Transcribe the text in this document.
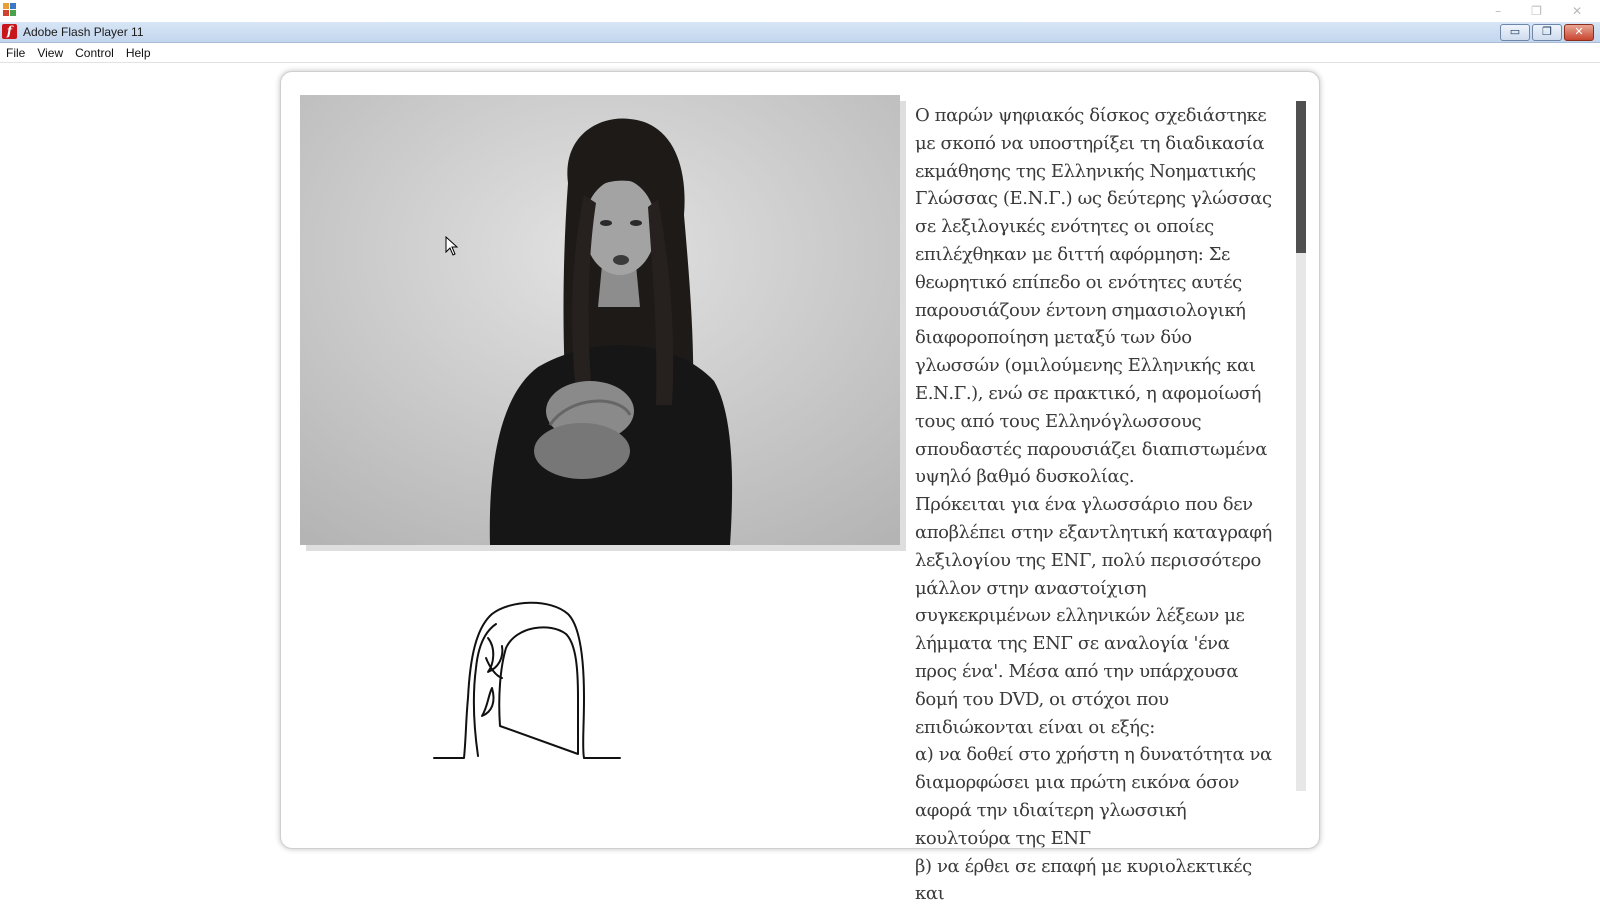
–	❐	✕
f Adobe Flash Player 11	▭	❐	✕
File	View	Control	Help

Ο παρών ψηφιακός δίσκος σχεδιάστηκε με σκοπό να υποστηρίξει τη διαδικασία εκμάθησης της Ελληνικής Νοηματικής Γλώσσας (Ε.Ν.Γ.) ως δεύτερης γλώσσας σε λεξιλογικές ενότητες οι οποίες επιλέχθηκαν με διττή αφόρμηση: Σε θεωρητικό επίπεδο οι ενότητες αυτές παρουσιάζουν έντονη σημασιολογική διαφοροποίηση μεταξύ των δύο γλωσσών (ομιλούμενης Ελληνικής και Ε.Ν.Γ.), ενώ σε πρακτικό, η αφομοίωσή τους από τους Ελληνόγλωσσους σπουδαστές παρουσιάζει διαπιστωμένα υψηλό βαθμό δυσκολίας.

Πρόκειται για ένα γλωσσάριο που δεν αποβλέπει στην εξαντλητική καταγραφή λεξιλογίου της ΕΝΓ, πολύ περισσότερο μάλλον στην αναστοίχιση συγκεκριμένων ελληνικών λέξεων με λήμματα της ΕΝΓ σε αναλογία 'ένα προς ένα'. Μέσα από την υπάρχουσα δομή του DVD, οι στόχοι που επιδιώκονται είναι οι εξής:

α) να δοθεί στο χρήστη η δυνατότητα να διαμορφώσει μια πρώτη εικόνα όσον αφορά την ιδιαίτερη γλωσσική κουλτούρα της ΕΝΓ

β) να έρθει σε επαφή με κυριολεκτικές και
